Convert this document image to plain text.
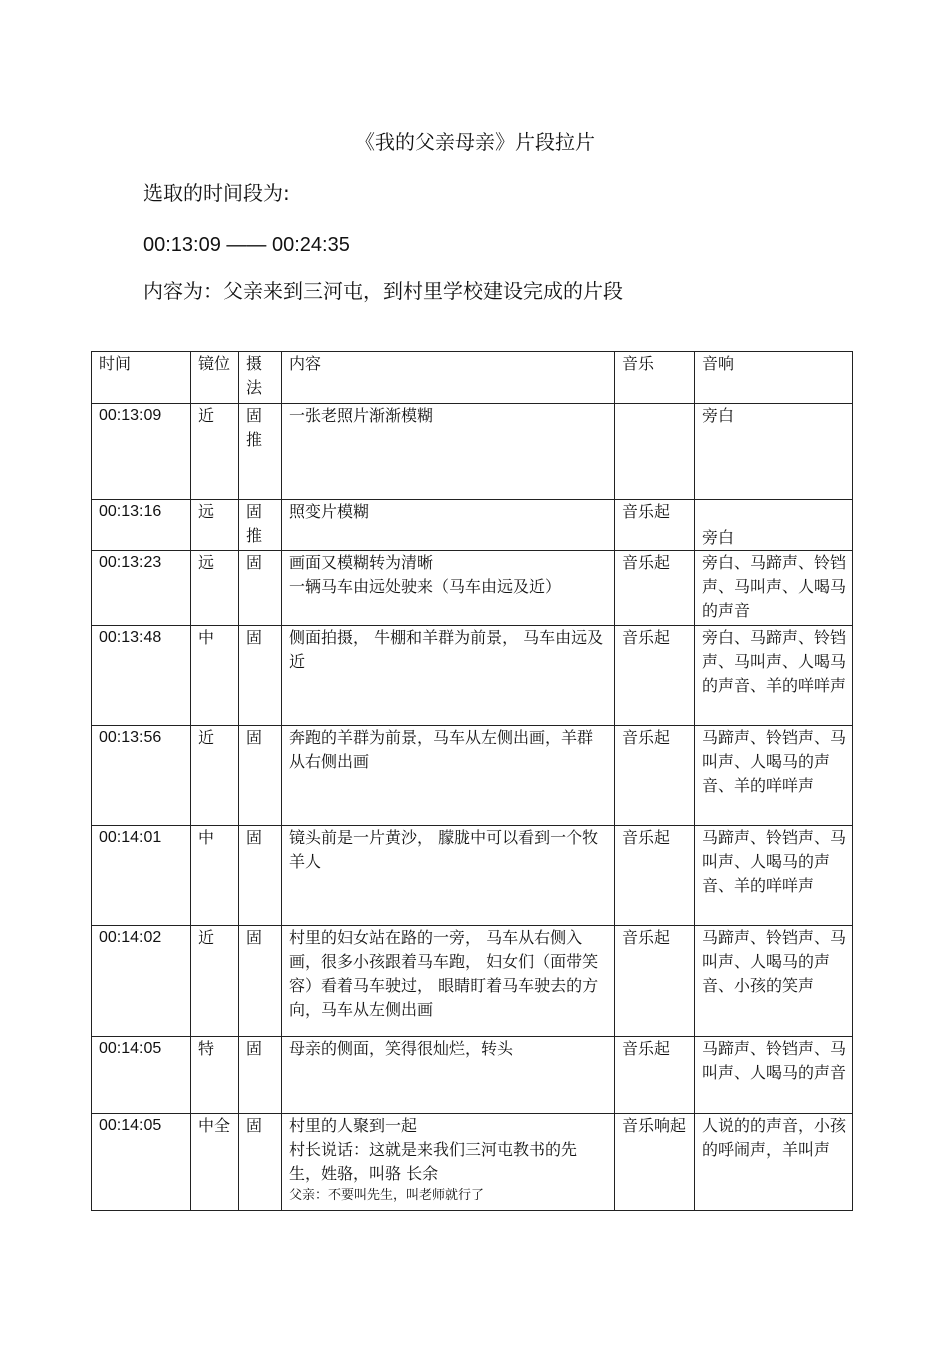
《我的父亲母亲》片段拉片
选取的时间段为:
00:13:09 —— 00:24:35
内容为：父亲来到三河屯，到村里学校建设完成的片段
时间	镜位	摄法	内容	音乐	音响
00:13:09	近	固推	一张老照片渐渐模糊		旁白
00:13:16	远	固推	照变片模糊	音乐起	旁白
00:13:23	远	固	画面又模糊转为清晰
一辆马车由远处驶来（马车由远及近）	音乐起	旁白、马蹄声、铃铛声、马叫声、人喝马的声音
00:13:48	中	固	侧面拍摄， 牛棚和羊群为前景， 马车由远及近	音乐起	旁白、马蹄声、铃铛声、马叫声、人喝马的声音、羊的咩咩声
00:13:56	近	固	奔跑的羊群为前景，马车从左侧出画，羊群从右侧出画	音乐起	马蹄声、铃铛声、马叫声、人喝马的声音、羊的咩咩声
00:14:01	中	固	镜头前是一片黄沙， 朦胧中可以看到一个牧羊人	音乐起	马蹄声、铃铛声、马叫声、人喝马的声音、羊的咩咩声
00:14:02	近	固	村里的妇女站在路的一旁， 马车从右侧入画，很多小孩跟着马车跑， 妇女们（面带笑容）看着马车驶过， 眼睛盯着马车驶去的方向，马车从左侧出画	音乐起	马蹄声、铃铛声、马叫声、人喝马的声音、小孩的笑声
00:14:05	特	固	母亲的侧面，笑得很灿烂，转头	音乐起	马蹄声、铃铛声、马叫声、人喝马的声音
00:14:05	中全	固	村里的人聚到一起
村长说话：这就是来我们三河屯教书的先生，姓骆，叫骆 长余
父亲：不要叫先生，叫老师就行了	音乐响起	人说的的声音，小孩的呼闹声，羊叫声
